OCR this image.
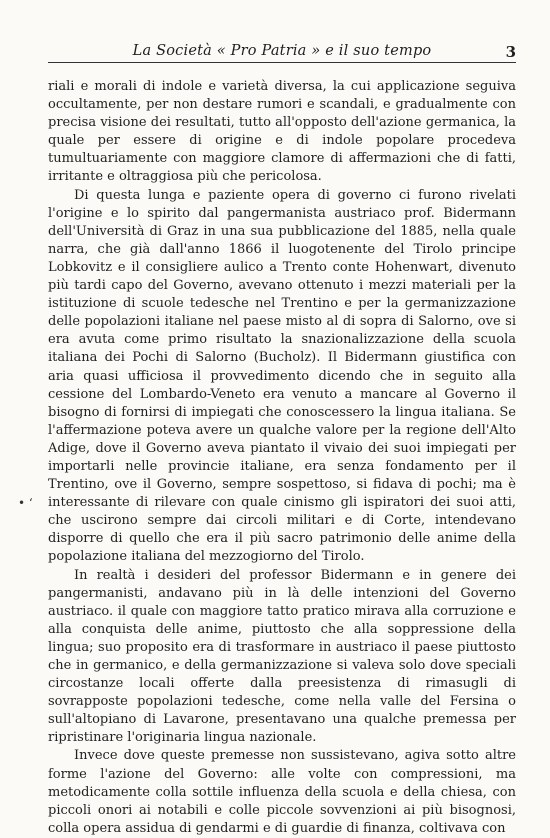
La Società « Pro Patria » e il suo tempo	3
• ‘

riali e morali di indole e varietà diversa, la cui applicazione seguiva occultamente, per non destare rumori e scandali, e gradualmente con precisa visione dei resultati, tutto all'opposto dell'azione germanica, la quale per essere di origine e di indole popolare procedeva tumultuariamente con maggiore clamore di affermazioni che di fatti, irritante e oltraggiosa più che pericolosa.

Di questa lunga e paziente opera di governo ci furono rivelati l'origine e lo spirito dal pangermanista austriaco prof. Bidermann dell'Università di Graz in una sua pubblicazione del 1885, nella quale narra, che già dall'anno 1866 il luogotenente del Tirolo principe Lobkovitz e il consigliere aulico a Trento conte Hohenwart, divenuto più tardi capo del Governo, avevano ottenuto i mezzi materiali per la istituzione di scuole tedesche nel Trentino e per la germanizzazione delle popolazioni italiane nel paese misto al di sopra di Salorno, ove si era avuta come primo risultato la snazionalizzazione della scuola italiana dei Pochi di Salorno (Bucholz). Il Bidermann giustifica con aria quasi ufficiosa il provvedimento dicendo che in seguito alla cessione del Lombardo-Veneto era venuto a mancare al Governo il bisogno di fornirsi di impiegati che conoscessero la lingua italiana. Se l'affermazione poteva avere un qualche valore per la regione dell'Alto Adige, dove il Governo aveva piantato il vivaio dei suoi impiegati per importarli nelle provincie italiane, era senza fondamento per il Trentino, ove il Governo, sempre sospettoso, si fidava di pochi; ma è interessante di rilevare con quale cinismo gli ispiratori dei suoi atti, che uscirono sempre dai circoli militari e di Corte, intendevano disporre di quello che era il più sacro patrimonio delle anime della popolazione italiana del mezzogiorno del Tirolo.

In realtà i desideri del professor Bidermann e in genere dei pangermanisti, andavano più in là delle intenzioni del Governo austriaco. il quale con maggiore tatto pratico mirava alla corruzione e alla conquista delle anime, piuttosto che alla soppressione della lingua; suo proposito era di trasformare in austriaco il paese piuttosto che in germanico, e della germanizzazione si valeva solo dove speciali circostanze locali offerte dalla preesistenza di rimasugli di sovrapposte popolazioni tedesche, come nella valle del Fersina o sull'altopiano di Lavarone, presentavano una qualche premessa per ripristinare l'originaria lingua nazionale.

Invece dove queste premesse non sussistevano, agiva sotto altre forme l'azione del Governo: alle volte con compressioni, ma metodicamente colla sottile influenza della scuola e della chiesa, con piccoli onori ai notabili e colle piccole sovvenzioni ai più bisognosi, colla opera assidua di gendarmi e di guardie di finanza, coltivava con
